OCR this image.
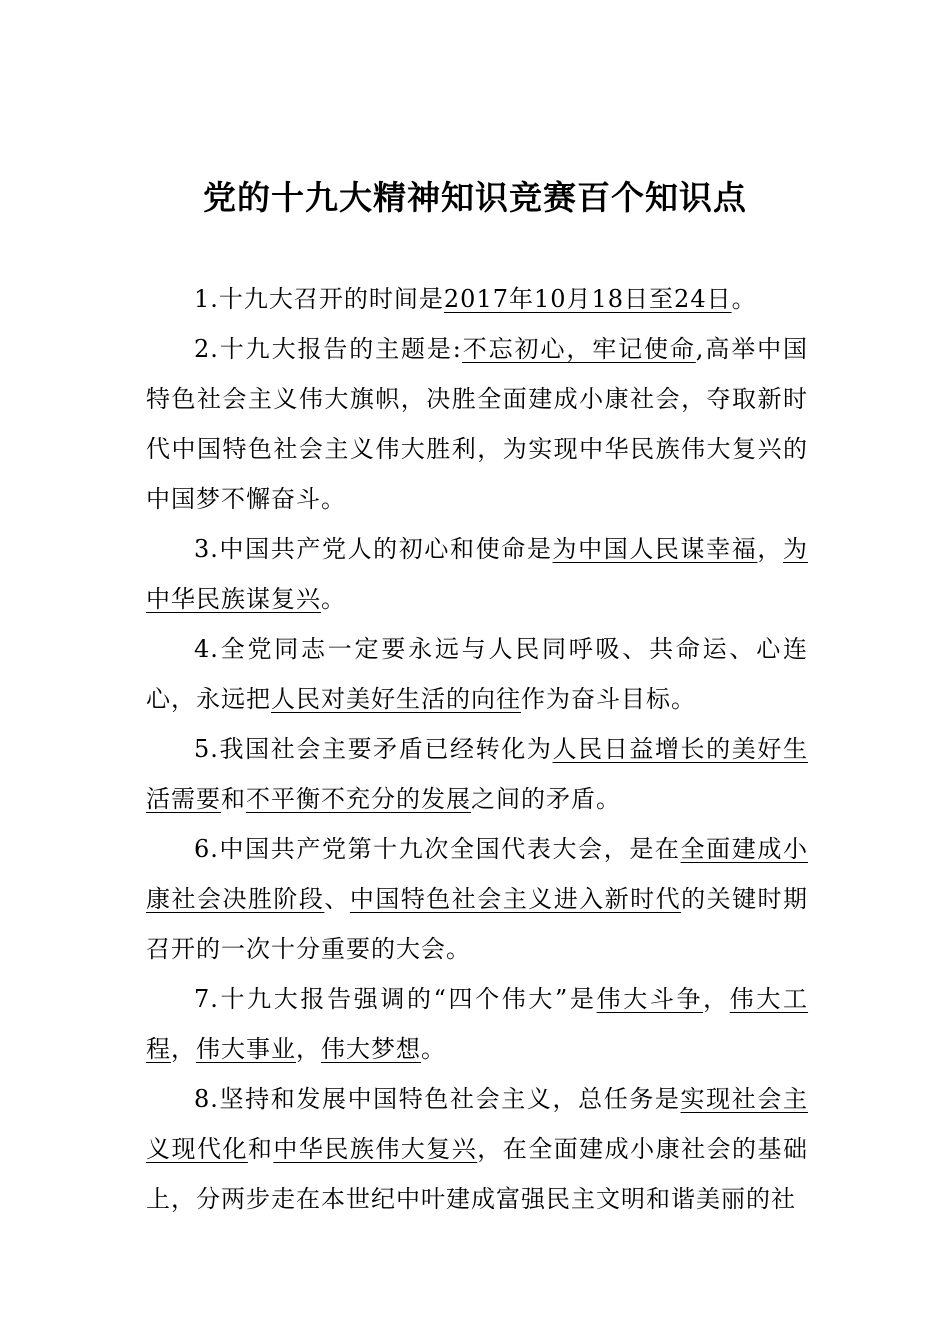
党的十九大精神知识竞赛百个知识点

1.十九大召开的时间是2017年10月18日至24日。

2.十九大报告的主题是:不忘初心，牢记使命,高举中国特色社会主义伟大旗帜，决胜全面建成小康社会，夺取新时代中国特色社会主义伟大胜利，为实现中华民族伟大复兴的中国梦不懈奋斗。

3.中国共产党人的初心和使命是为中国人民谋幸福，为中华民族谋复兴。

4.全党同志一定要永远与人民同呼吸、共命运、心连心，永远把人民对美好生活的向往作为奋斗目标。

5.我国社会主要矛盾已经转化为人民日益增长的美好生活需要和不平衡不充分的发展之间的矛盾。

6.中国共产党第十九次全国代表大会，是在全面建成小康社会决胜阶段、中国特色社会主义进入新时代的关键时期召开的一次十分重要的大会。

7.十九大报告强调的“四个伟大”是伟大斗争，伟大工程，伟大事业，伟大梦想。

8.坚持和发展中国特色社会主义，总任务是实现社会主义现代化和中华民族伟大复兴，在全面建成小康社会的基础上，分两步走在本世纪中叶建成富强民主文明和谐美丽的社
